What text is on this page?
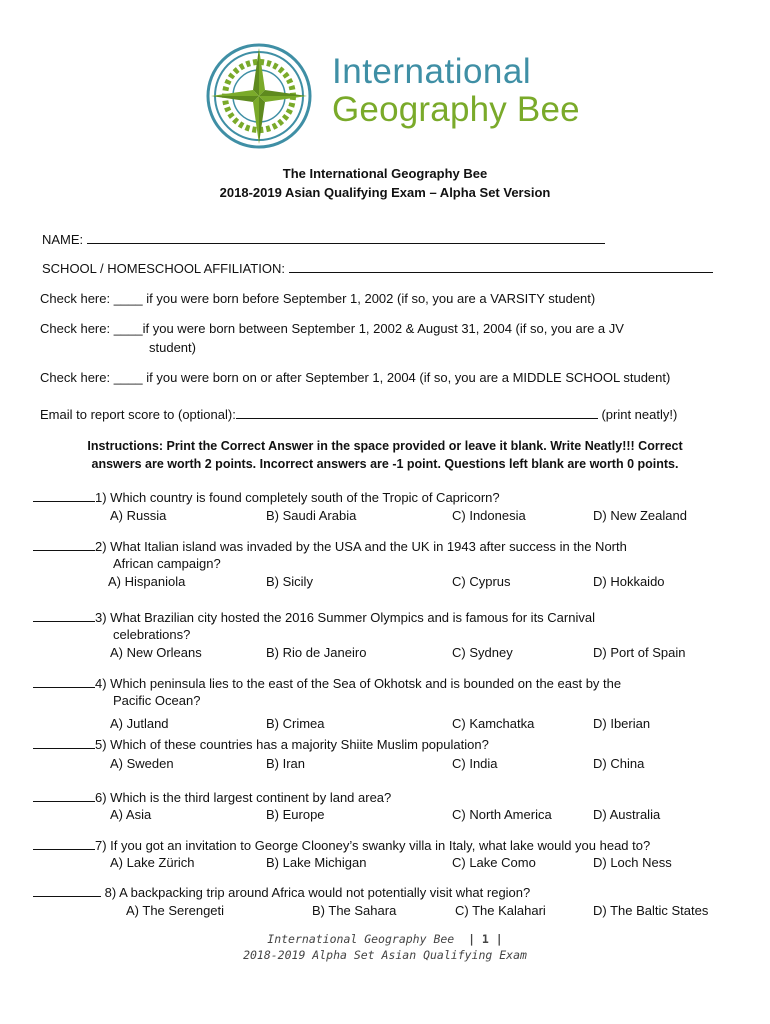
International
Geography Bee
The International Geography Bee
2018-2019 Asian Qualifying Exam – Alpha Set Version
NAME:
SCHOOL / HOMESCHOOL AFFILIATION:
Check here: ____ if you were born before September 1, 2002 (if so, you are a VARSITY student)
Check here: ____if you were born between September 1, 2002 & August 31, 2004 (if so, you are a JV
student)
Check here: ____ if you were born on or after September 1, 2004 (if so, you are a MIDDLE SCHOOL student)
Email to report score to (optional):	(print neatly!)
Instructions: Print the Correct Answer in the space provided or leave it blank. Write Neatly!!! Correct
answers are worth 2 points. Incorrect answers are -1 point. Questions left blank are worth 0 points.
1) Which country is found completely south of the Tropic of Capricorn?
A) Russia	B) Saudi Arabia	C) Indonesia	D) New Zealand
2) What Italian island was invaded by the USA and the UK in 1943 after success in the North
African campaign?
A) Hispaniola	B) Sicily	C) Cyprus	D) Hokkaido
3) What Brazilian city hosted the 2016 Summer Olympics and is famous for its Carnival
celebrations?
A) New Orleans	B) Rio de Janeiro	C) Sydney	D) Port of Spain
4) Which peninsula lies to the east of the Sea of Okhotsk and is bounded on the east by the
Pacific Ocean?
A) Jutland	B) Crimea	C) Kamchatka	D) Iberian
5) Which of these countries has a majority Shiite Muslim population?
A) Sweden	B) Iran	C) India	D) China
6) Which is the third largest continent by land area?
A) Asia	B) Europe	C) North America	D) Australia
7) If you got an invitation to George Clooney’s swanky villa in Italy, what lake would you head to?
A) Lake Zürich	B) Lake Michigan	C) Lake Como	D) Loch Ness
8) A backpacking trip around Africa would not potentially visit what region?
A) The Serengeti	B) The Sahara	C) The Kalahari	D) The Baltic States
International Geography Bee | 1 |
2018-2019 Alpha Set Asian Qualifying Exam
